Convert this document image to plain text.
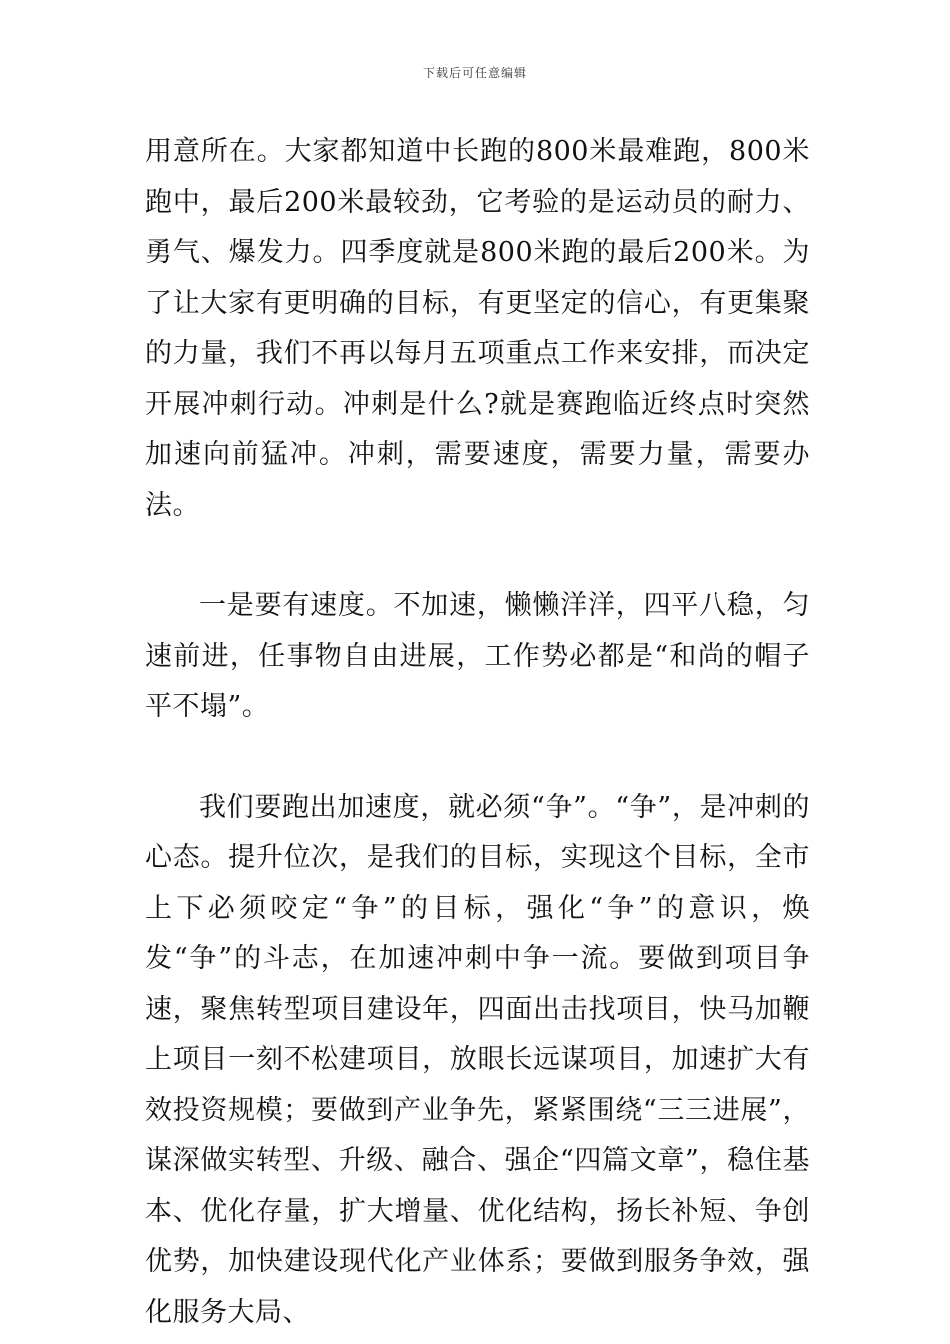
下载后可任意编辑

用意所在。大家都知道中长跑的800米最难跑，800米跑中，最后200米最较劲，它考验的是运动员的耐力、勇气、爆发力。四季度就是800米跑的最后200米。为了让大家有更明确的目标，有更坚定的信心，有更集聚的力量，我们不再以每月五项重点工作来安排，而决定开展冲刺行动。冲刺是什么?就是赛跑临近终点时突然加速向前猛冲。冲刺，需要速度，需要力量，需要办法。

一是要有速度。不加速，懒懒洋洋，四平八稳，匀速前进，任事物自由进展，工作势必都是“和尚的帽子平不塌”。

我们要跑出加速度，就必须“争”。“争”，是冲刺的心态。提升位次，是我们的目标，实现这个目标，全市上下必须咬定“争”的目标，强化“争”的意识，焕发“争”的斗志，在加速冲刺中争一流。要做到项目争速，聚焦转型项目建设年，四面出击找项目，快马加鞭上项目一刻不松建项目，放眼长远谋项目，加速扩大有效投资规模；要做到产业争先，紧紧围绕“三三进展”，谋深做实转型、升级、融合、强企“四篇文章”，稳住基本、优化存量，扩大增量、优化结构，扬长补短、争创优势，加快建设现代化产业体系；要做到服务争效，强化服务大局、
